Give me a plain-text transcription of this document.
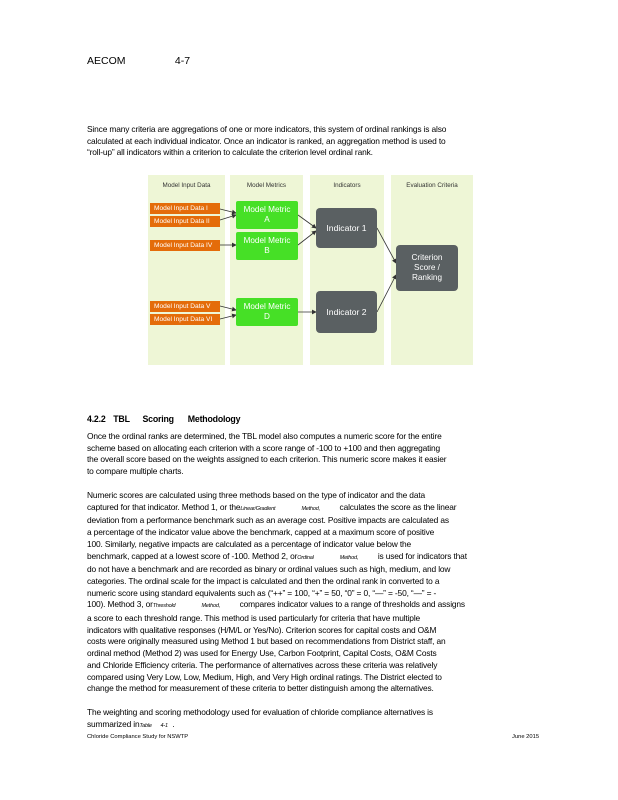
AECOM	4-7
Since many criteria are aggregations of one or more indicators, this system of ordinal rankings is also
calculated at each individual indicator. Once an indicator is ranked, an aggregation method is used to
“roll-up” all indicators within a criterion to calculate the criterion level ordinal rank.
Model Input Data	Model Metrics	Indicators	Evaluation Criteria
Model Input Data I
Model Input Data II
Model Input Data IV
Model Input Data V
Model Input Data VI
Model Metric
A
Model Metric
B
Model Metric
D
Indicator 1
Indicator 2
Criterion
Score /
Ranking
4.2.2 TBL Scoring Methodology
Once the ordinal ranks are determined, the TBL model also computes a numeric score for the entire
scheme based on allocating each criterion with a score range of -100 to +100 and then aggregating
the overall score based on the weights assigned to each criterion. This numeric score makes it easier
to compare multiple charts.
Numeric scores are calculated using three methods based on the type of indicator and the data
captured for that indicator. Method 1, or theLinear/Gradient	Method, calculates the score as the linear
deviation from a performance benchmark such as an average cost. Positive impacts are calculated as
a percentage of the indicator value above the benchmark, capped at a maximum score of positive
100. Similarly, negative impacts are calculated as a percentage of indicator value below the
benchmark, capped at a lowest score of -100. Method 2, orOrdinal	Method, is used for indicators that
do not have a benchmark and are recorded as binary or ordinal values such as high, medium, and low
categories. The ordinal scale for the impact is calculated and then the ordinal rank in converted to a
numeric score using standard equivalents such as (“++” = 100, “+” = 50, “0” = 0, “—” = -50, “—” = -
100). Method 3, orThreshold	Method, compares indicator values to a range of thresholds and assigns
a score to each threshold range. This method is used particularly for criteria that have multiple
indicators with qualitative responses (H/M/L or Yes/No). Criterion scores for capital costs and O&M
costs were originally measured using Method 1 but based on recommendations from District staff, an
ordinal method (Method 2) was used for Energy Use, Carbon Footprint, Capital Costs, O&M Costs
and Chloride Efficiency criteria. The performance of alternatives across these criteria was relatively
compared using Very Low, Low, Medium, High, and Very High ordinal ratings. The District elected to
change the method for measurement of these criteria to better distinguish among the alternatives.
The weighting and scoring methodology used for evaluation of chloride compliance alternatives is
summarized inTable 4-1 .
Chloride Compliance Study for NSWTP	June 2015
